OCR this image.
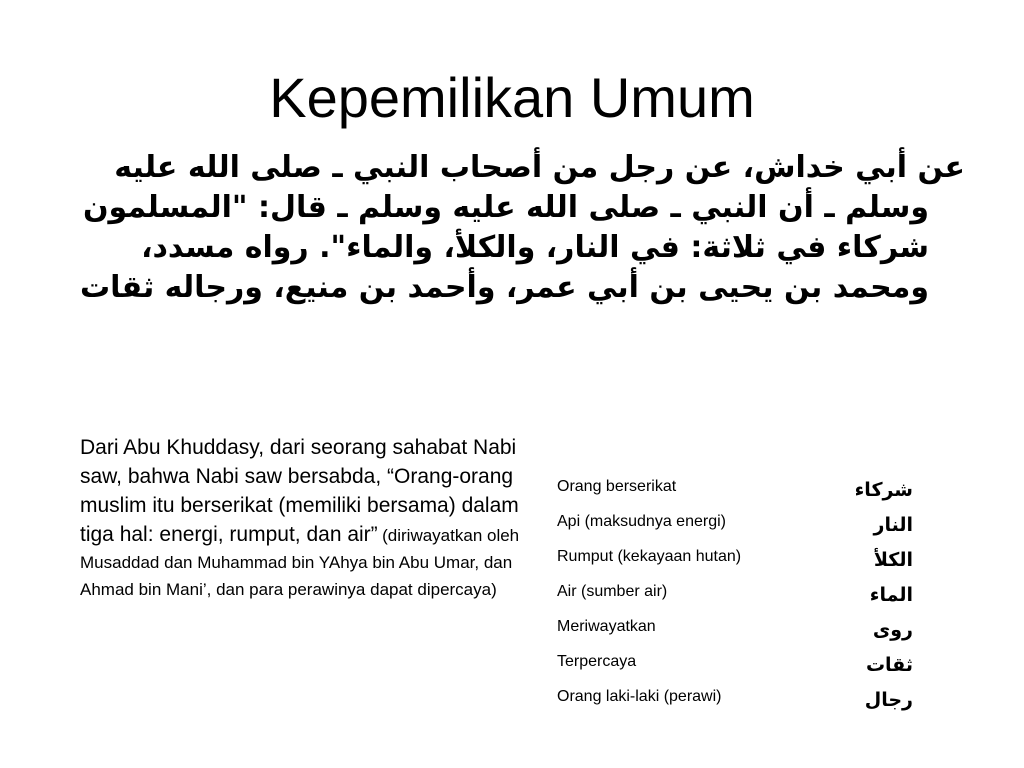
Kepemilikan Umum

عن أبي خداش، عن رجل من أصحاب النبي ـ صلى الله عليه

وسلم ـ أن النبي ـ صلى الله عليه وسلم ـ قال: "المسلمون شركاء في ثلاثة: في النار، والكلأ، والماء". رواه مسدد، ومحمد بن يحيى بن أبي عمر، وأحمد بن منيع، ورجاله ثقات

Dari Abu Khuddasy, dari seorang sahabat Nabi saw, bahwa Nabi saw bersabda, “Orang-orang muslim itu berserikat (memiliki bersama) dalam tiga hal: energi, rumput, dan air” (diriwayatkan oleh Musaddad dan Muhammad bin YAhya bin Abu Umar, dan Ahmad bin Mani’, dan para perawinya dapat dipercaya)
Orang berserikat	شركاء
Api (maksudnya energi)	النار
Rumput (kekayaan hutan)	الكلأ
Air (sumber air)	الماء
Meriwayatkan	روى
Terpercaya	ثقات
Orang laki-laki (perawi)	رجال
